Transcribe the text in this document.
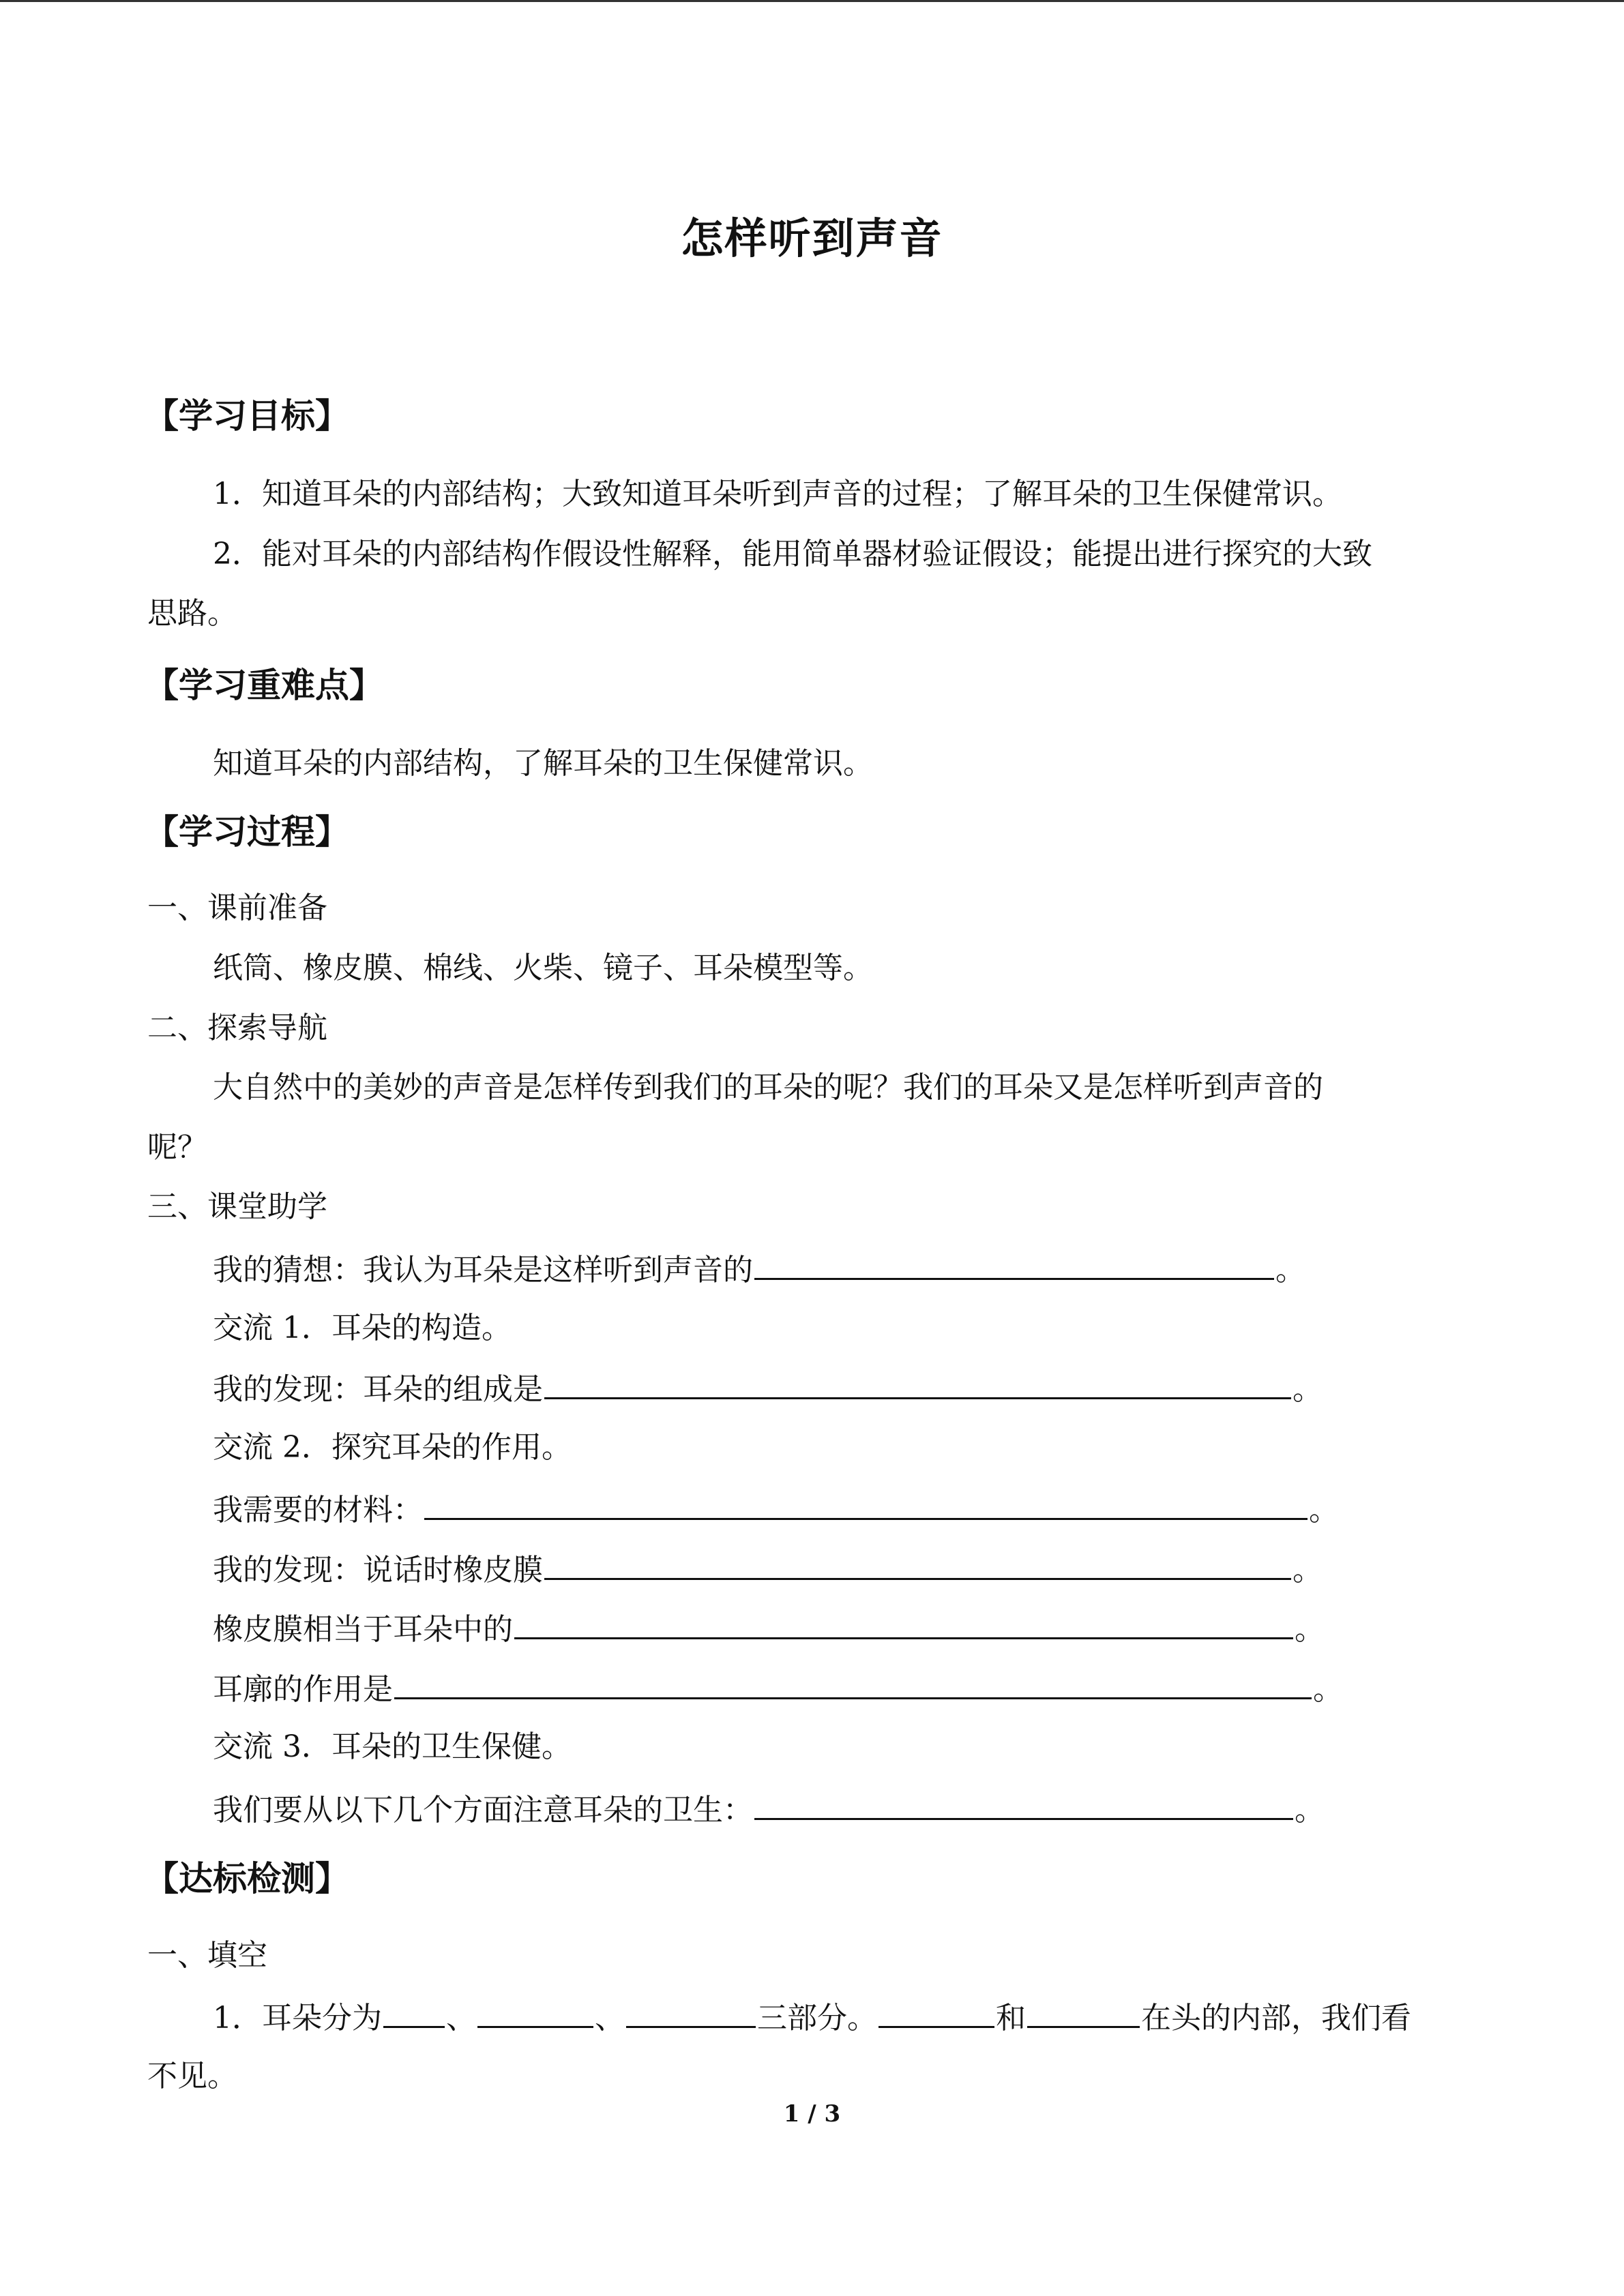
怎样听到声音
【学习目标】
1．知道耳朵的内部结构；大致知道耳朵听到声音的过程；了解耳朵的卫生保健常识。
2．能对耳朵的内部结构作假设性解释，能用简单器材验证假设；能提出进行探究的大致
思路。
【学习重难点】
知道耳朵的内部结构，了解耳朵的卫生保健常识。
【学习过程】
一、课前准备
纸筒、橡皮膜、棉线、火柴、镜子、耳朵模型等。
二、探索导航
大自然中的美妙的声音是怎样传到我们的耳朵的呢？我们的耳朵又是怎样听到声音的
呢？
三、课堂助学
我的猜想：我认为耳朵是这样听到声音的	。
交流 1．耳朵的构造。
我的发现：耳朵的组成是	。
交流 2．探究耳朵的作用。
我需要的材料：	。
我的发现：说话时橡皮膜	。
橡皮膜相当于耳朵中的	。
耳廓的作用是	。
交流 3．耳朵的卫生保健。
我们要从以下几个方面注意耳朵的卫生：	。
【达标检测】
一、填空
1．耳朵分为 、	、	三部分。	和	在头的内部，我们看
不见。
1 / 3
